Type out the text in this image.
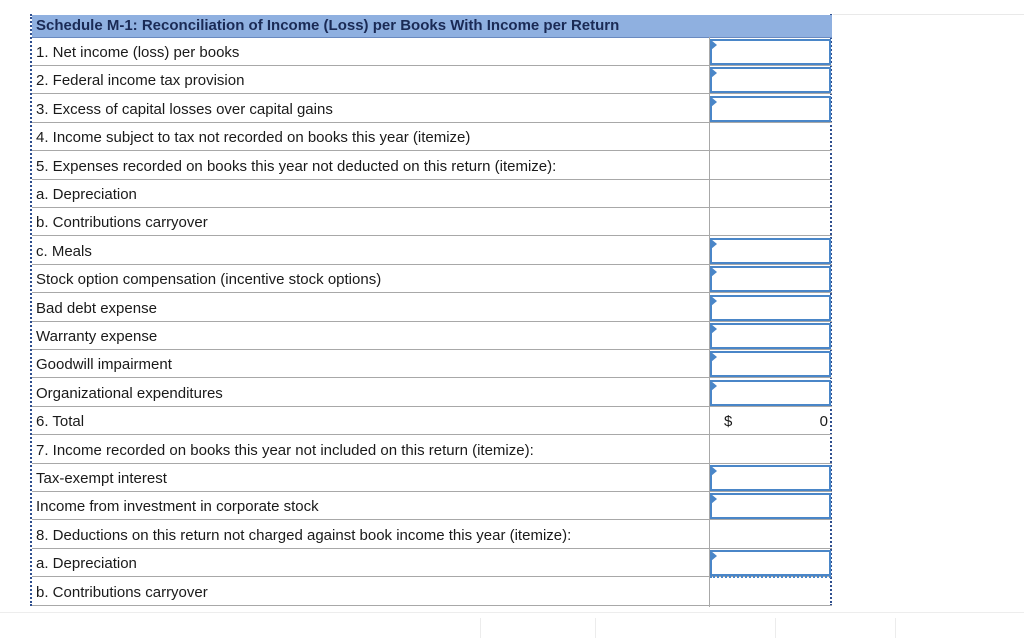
Schedule M-1: Reconciliation of Income (Loss) per Books With Income per Return
1. Net income (loss) per books
2. Federal income tax provision
3. Excess of capital losses over capital gains
4. Income subject to tax not recorded on books this year (itemize)
5. Expenses recorded on books this year not deducted on this return (itemize):
a. Depreciation
b. Contributions carryover
c. Meals
Stock option compensation (incentive stock options)
Bad debt expense
Warranty expense
Goodwill impairment
Organizational expenditures
6. Total	$	0
7. Income recorded on books this year not included on this return (itemize):
Tax-exempt interest
Income from investment in corporate stock
8. Deductions on this return not charged against book income this year (itemize):
a. Depreciation
b. Contributions carryover
